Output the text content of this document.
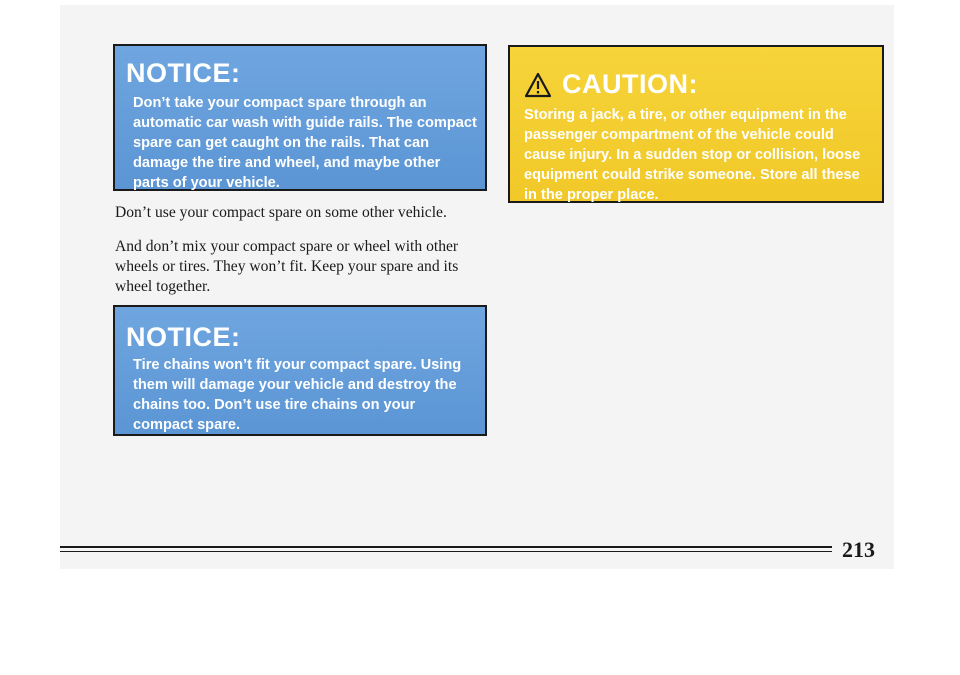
NOTICE:

Don’t take your compact spare through an automatic car wash with guide rails. The compact spare can get caught on the rails. That can damage the tire and wheel, and maybe other parts of your vehicle.

Don’t use your compact spare on some other vehicle.

And don’t mix your compact spare or wheel with other wheels or tires. They won’t fit. Keep your spare and its wheel together.

NOTICE:

Tire chains won’t fit your compact spare. Using them will damage your vehicle and destroy the chains too. Don’t use tire chains on your compact spare.

CAUTION:

Storing a jack, a tire, or other equipment in the passenger compartment of the vehicle could cause injury. In a sudden stop or collision, loose equipment could strike someone. Store all these in the proper place.

213
